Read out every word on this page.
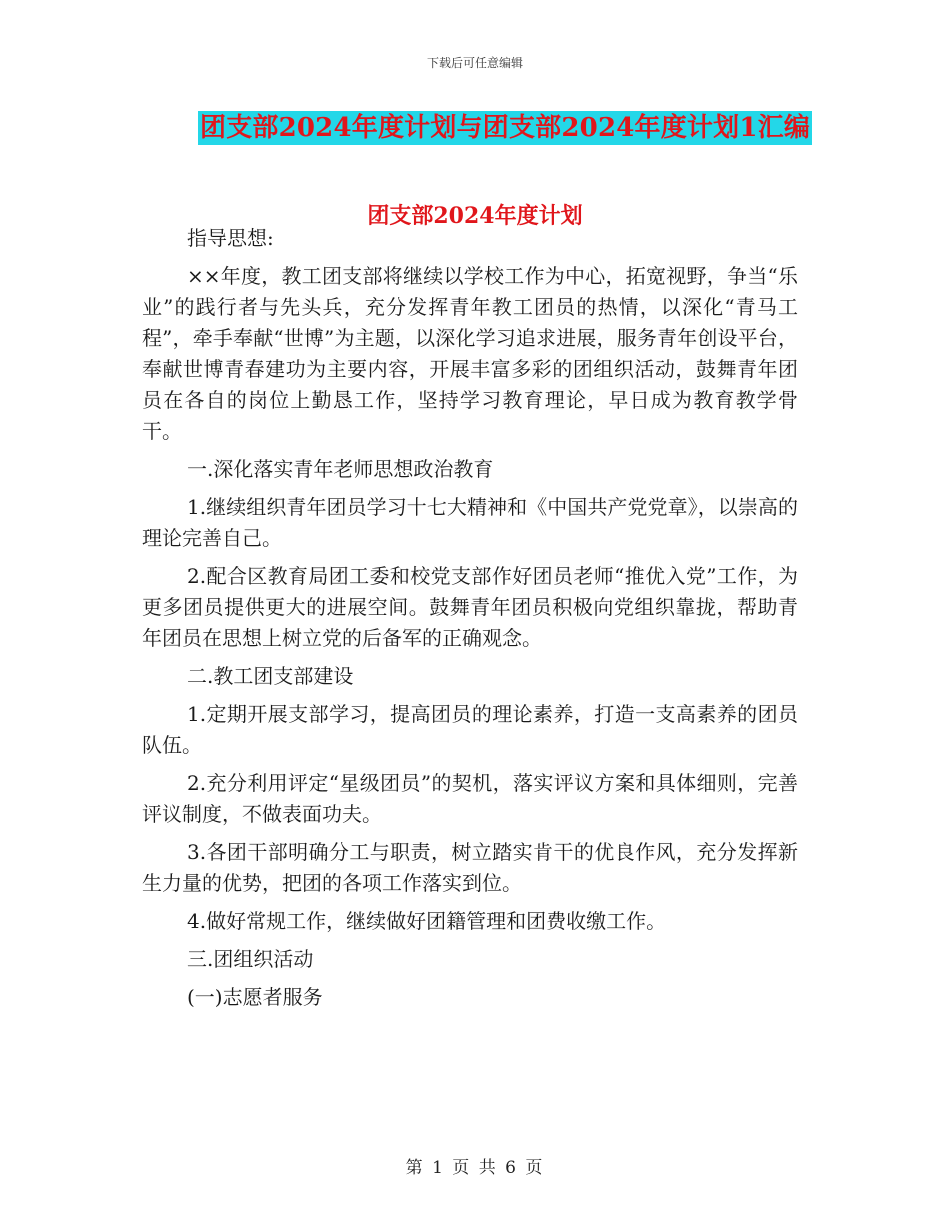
下载后可任意编辑
团支部2024年度计划与团支部2024年度计划1汇编
团支部2024年度计划

指导思想:

××年度，教工团支部将继续以学校工作为中心，拓宽视野，争当“乐业”的践行者与先头兵，充分发挥青年教工团员的热情，以深化“青马工程”，牵手奉献“世博”为主题，以深化学习追求进展，服务青年创设平台，奉献世博青春建功为主要内容，开展丰富多彩的团组织活动，鼓舞青年团员在各自的岗位上勤恳工作，坚持学习教育理论，早日成为教育教学骨干。

一.深化落实青年老师思想政治教育

1.继续组织青年团员学习十七大精神和《中国共产党党章》，以崇高的理论完善自己。

2.配合区教育局团工委和校党支部作好团员老师“推优入党”工作，为更多团员提供更大的进展空间。鼓舞青年团员积极向党组织靠拢，帮助青年团员在思想上树立党的后备军的正确观念。

二.教工团支部建设

1.定期开展支部学习，提高团员的理论素养，打造一支高素养的团员队伍。

2.充分利用评定“星级团员”的契机，落实评议方案和具体细则，完善评议制度，不做表面功夫。

3.各团干部明确分工与职责，树立踏实肯干的优良作风，充分发挥新生力量的优势，把团的各项工作落实到位。

4.做好常规工作，继续做好团籍管理和团费收缴工作。

三.团组织活动

(一)志愿者服务

第 1 页 共 6 页
